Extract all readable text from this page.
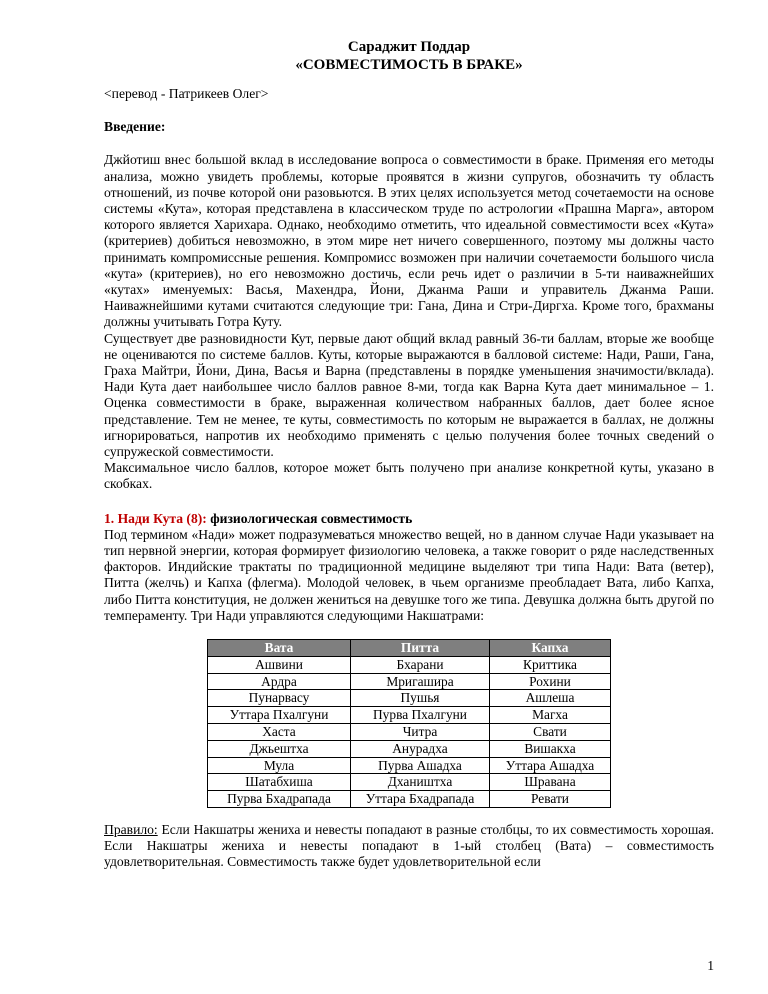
Сараджит Поддар
«СОВМЕСТИМОСТЬ В БРАКЕ»
<перевод - Патрикеев Олег>
Введение:

Джйотиш внес большой вклад в исследование вопроса о совместимости в браке. Применяя его методы анализа, можно увидеть проблемы, которые проявятся в жизни супругов, обозначить ту область отношений, из почве которой они разовьются. В этих целях используется метод сочетаемости на основе системы «Кута», которая представлена в классическом труде по астрологии «Прашна Марга», автором которого является Харихара. Однако, необходимо отметить, что идеальной совместимости всех «Кута» (критериев) добиться невозможно, в этом мире нет ничего совершенного, поэтому мы должны часто принимать компромиссные решения. Компромисс возможен при наличии сочетаемости большого числа «кута» (критериев), но его невозможно достичь, если речь идет о различии в 5-ти наиважнейших «кутах» именуемых: Васья, Махендра, Йони, Джанма Раши и управитель Джанма Раши. Наиважнейшими кутами считаются следующие три: Гана, Дина и Стри-Диргха. Кроме того, брахманы должны учитывать Готра Куту.

Существует две разновидности Кут, первые дают общий вклад равный 36-ти баллам, вторые же вообще не оцениваются по системе баллов. Куты, которые выражаются в балловой системе: Нади, Раши, Гана, Граха Майтри, Йони, Дина, Васья и Варна (представлены в порядке уменьшения значимости/вклада). Нади Кута дает наибольшее число баллов равное 8-ми, тогда как Варна Кута дает минимальное – 1. Оценка совместимости в браке, выраженная количеством набранных баллов, дает более ясное представление. Тем не менее, те куты, совместимость по которым не выражается в баллах, не должны игнорироваться, напротив их необходимо применять с целью получения более точных сведений о супружеской совместимости.

Максимальное число баллов, которое может быть получено при анализе конкретной куты, указано в скобках.

1. Нади Кута (8): физиологическая совместимость

Под термином «Нади» может подразумеваться множество вещей, но в данном случае Нади указывает на тип нервной энергии, которая формирует физиологию человека, а также говорит о ряде наследственных факторов. Индийские трактаты по традиционной медицине выделяют три типа Нади: Вата (ветер), Питта (желчь) и Капха (флегма). Молодой человек, в чьем организме преобладает Вата, либо Капха, либо Питта конституция, не должен жениться на девушке того же типа. Девушка должна быть другой по темпераменту. Три Нади управляются следующими Накшатрами:

Вата	Питта	Капха
Ашвини	Бхарани	Криттика
Ардра	Мригашира	Рохини
Пунарвасу	Пушья	Ашлеша
Уттара Пхалгуни	Пурва Пхалгуни	Магха
Хаста	Читра	Свати
Джьештха	Анурадха	Вишакха
Мула	Пурва Ашадха	Уттара Ашадха
Шатабхиша	Дхаништха	Шравана
Пурва Бхадрапада	Уттара Бхадрапада	Ревати

Правило: Если Накшатры жениха и невесты попадают в разные столбцы, то их совместимость хорошая. Если Накшатры жениха и невесты попадают в 1-ый столбец (Вата) – совместимость удовлетворительная. Совместимость также будет удовлетворительной если

1
